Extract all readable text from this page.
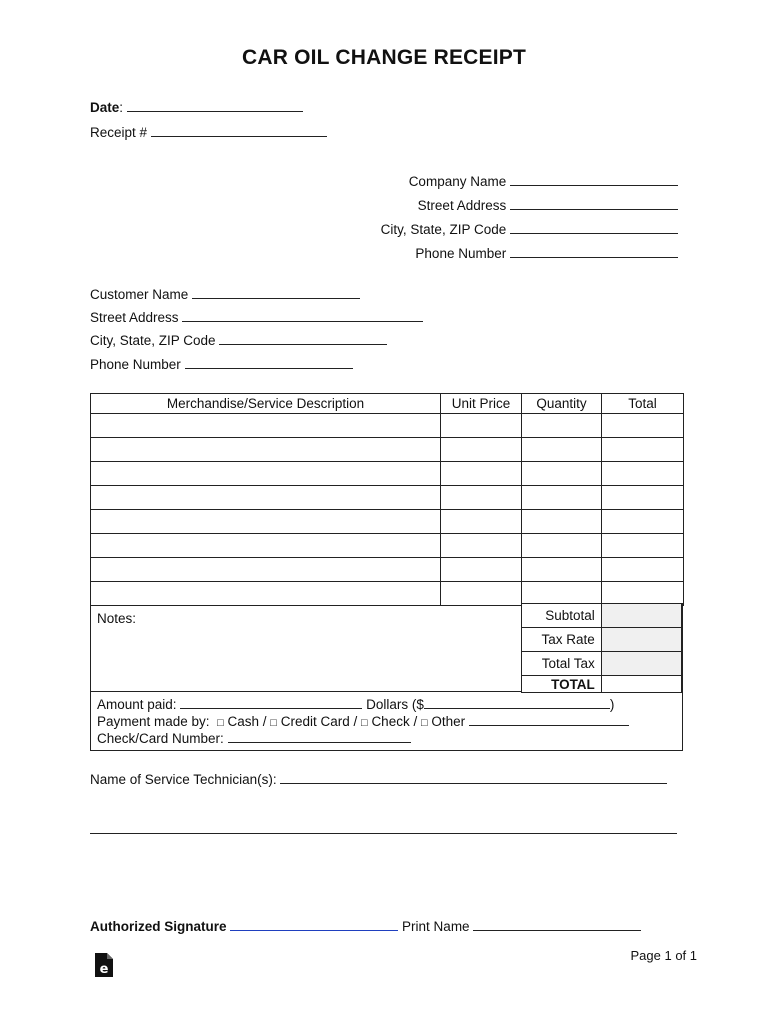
CAR OIL CHANGE RECEIPT
Date:
Receipt #
Company Name
Street Address
City, State, ZIP Code
Phone Number
Customer Name
Street Address
City, State, ZIP Code
Phone Number
Merchandise/Service Description	Unit Price	Quantity	Total

Notes:	Subtotal	
Tax Rate	
Total Tax	
TOTAL	
Amount paid:	Dollars ($	)
Payment made by: □ Cash / □ Credit Card / □ Check / □ Other
Check/Card Number:
Name of Service Technician(s):
Authorized Signature	Print Name
e
Page 1 of 1
